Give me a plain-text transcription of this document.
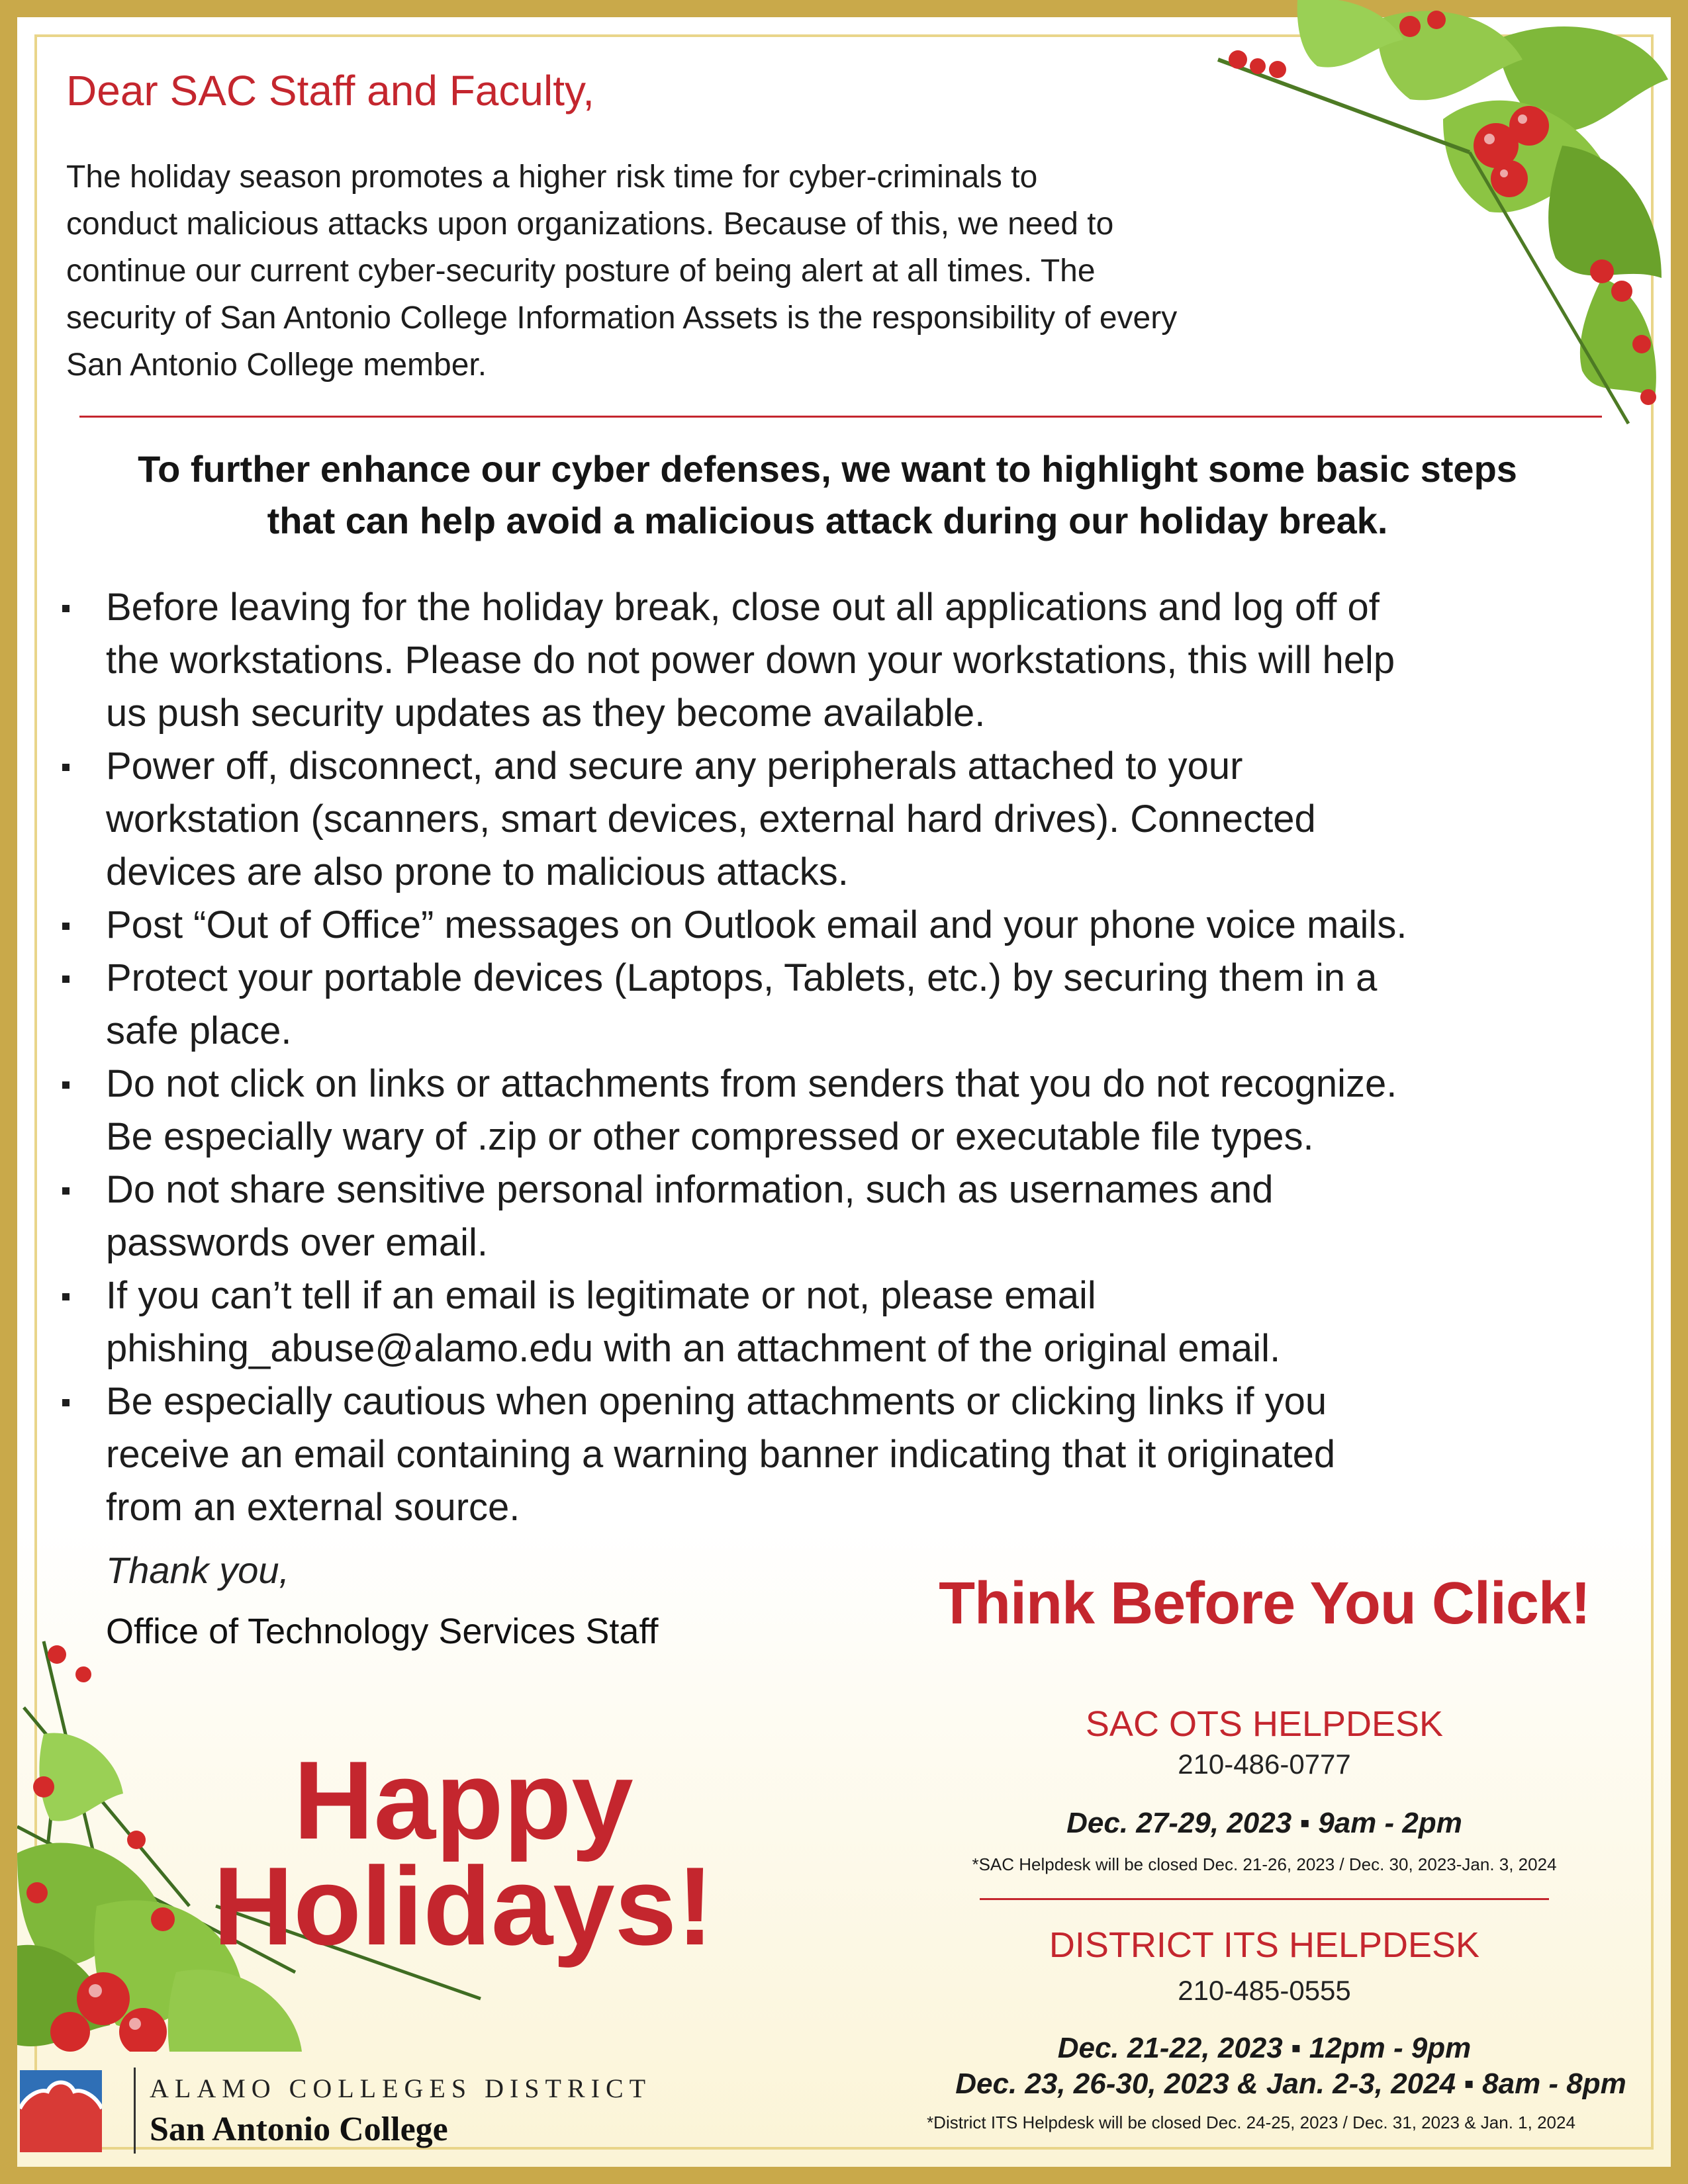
Dear SAC Staff and Faculty,
The holiday season promotes a higher risk time for cyber-criminals to
conduct malicious attacks upon organizations. Because of this, we need to
continue our current cyber-security posture of being alert at all times. The
security of San Antonio College Information Assets is the responsibility of every
San Antonio College member.
To further enhance our cyber defenses, we want to highlight some basic steps
that can help avoid a malicious attack during our holiday break.
Before leaving for the holiday break, close out all applications and log off of
the workstations. Please do not power down your workstations, this will help
us push security updates as they become available.
Power off, disconnect, and secure any peripherals attached to your
workstation (scanners, smart devices, external hard drives). Connected
devices are also prone to malicious attacks.
Post “Out of Office” messages on Outlook email and your phone voice mails.
Protect your portable devices (Laptops, Tablets, etc.) by securing them in a
safe place.
Do not click on links or attachments from senders that you do not recognize.
Be especially wary of .zip or other compressed or executable file types.
Do not share sensitive personal information, such as usernames and
passwords over email.
If you can’t tell if an email is legitimate or not, please email
phishing_abuse@alamo.edu with an attachment of the original email.
Be especially cautious when opening attachments or clicking links if you
receive an email containing a warning banner indicating that it originated
from an external source.
Thank you,
Office of Technology Services Staff	Think Before You Click!
SAC OTS HELPDESK
210-486-0777
Dec. 27-29, 2023 ▪ 9am - 2pm
*SAC Helpdesk will be closed Dec. 21-26, 2023 / Dec. 30, 2023-Jan. 3, 2024
DISTRICT ITS HELPDESK
210-485-0555
Dec. 21-22, 2023 ▪ 12pm - 9pm
Dec. 23, 26-30, 2023 & Jan. 2-3, 2024 ▪ 8am - 8pm
*District ITS Helpdesk will be closed Dec. 24-25, 2023 / Dec. 31, 2023 & Jan. 1, 2024
Happy
Holidays!
ALAMO COLLEGES DISTRICT
San Antonio College
